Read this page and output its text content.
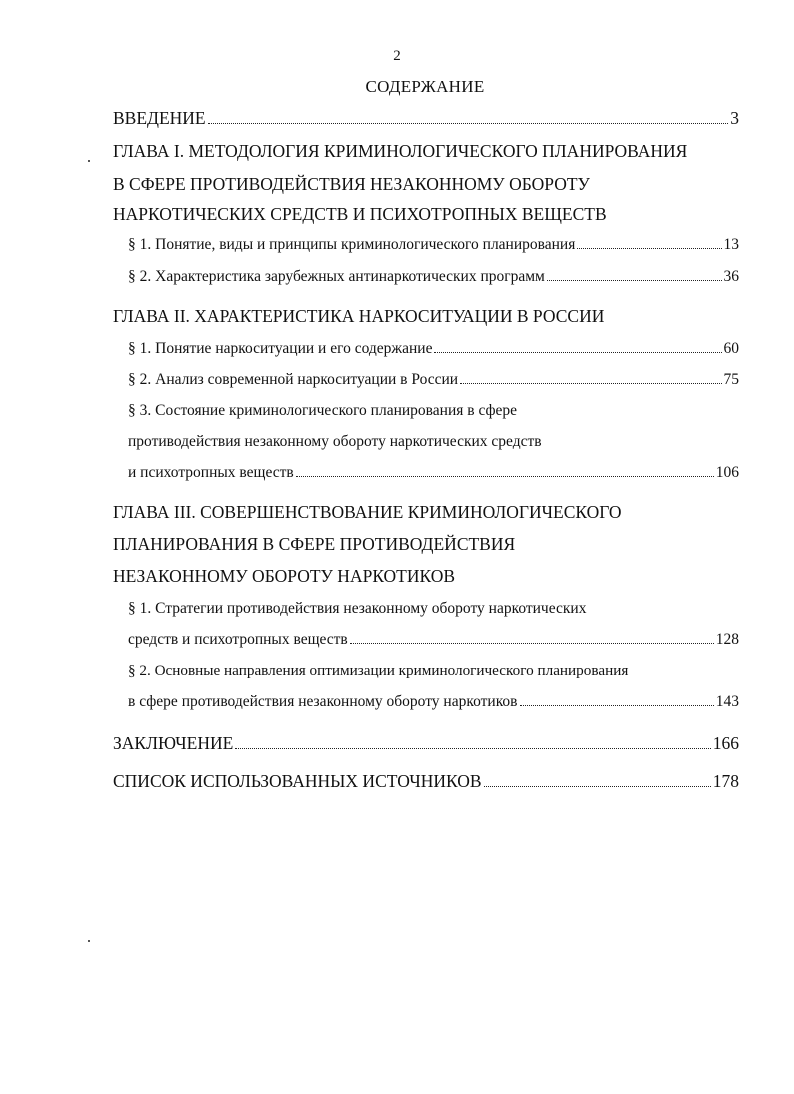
2
СОДЕРЖАНИЕ
ВВЕДЕНИЕ	3
ГЛАВА I. МЕТОДОЛОГИЯ КРИМИНОЛОГИЧЕСКОГО ПЛАНИРОВАНИЯ
В СФЕРЕ ПРОТИВОДЕЙСТВИЯ НЕЗАКОННОМУ ОБОРОТУ
НАРКОТИЧЕСКИХ СРЕДСТВ И ПСИХОТРОПНЫХ ВЕЩЕСТВ
§ 1. Понятие, виды и принципы криминологического планирования	13
§ 2. Характеристика зарубежных антинаркотических программ	36
ГЛАВА II. ХАРАКТЕРИСТИКА НАРКОСИТУАЦИИ В РОССИИ
§ 1. Понятие наркоситуации и его содержание	60
§ 2. Анализ современной наркоситуации в России	75
§ 3. Состояние криминологического планирования в сфере
противодействия незаконному обороту наркотических средств
и психотропных веществ	106
ГЛАВА III. СОВЕРШЕНСТВОВАНИЕ КРИМИНОЛОГИЧЕСКОГО
ПЛАНИРОВАНИЯ В СФЕРЕ ПРОТИВОДЕЙСТВИЯ
НЕЗАКОННОМУ ОБОРОТУ НАРКОТИКОВ
§ 1. Стратегии противодействия незаконному обороту наркотических
средств и психотропных веществ	128
§ 2. Основные направления оптимизации криминологического планирования
в сфере противодействия незаконному обороту наркотиков	143
ЗАКЛЮЧЕНИЕ	166
СПИСОК ИСПОЛЬЗОВАННЫХ ИСТОЧНИКОВ	178
